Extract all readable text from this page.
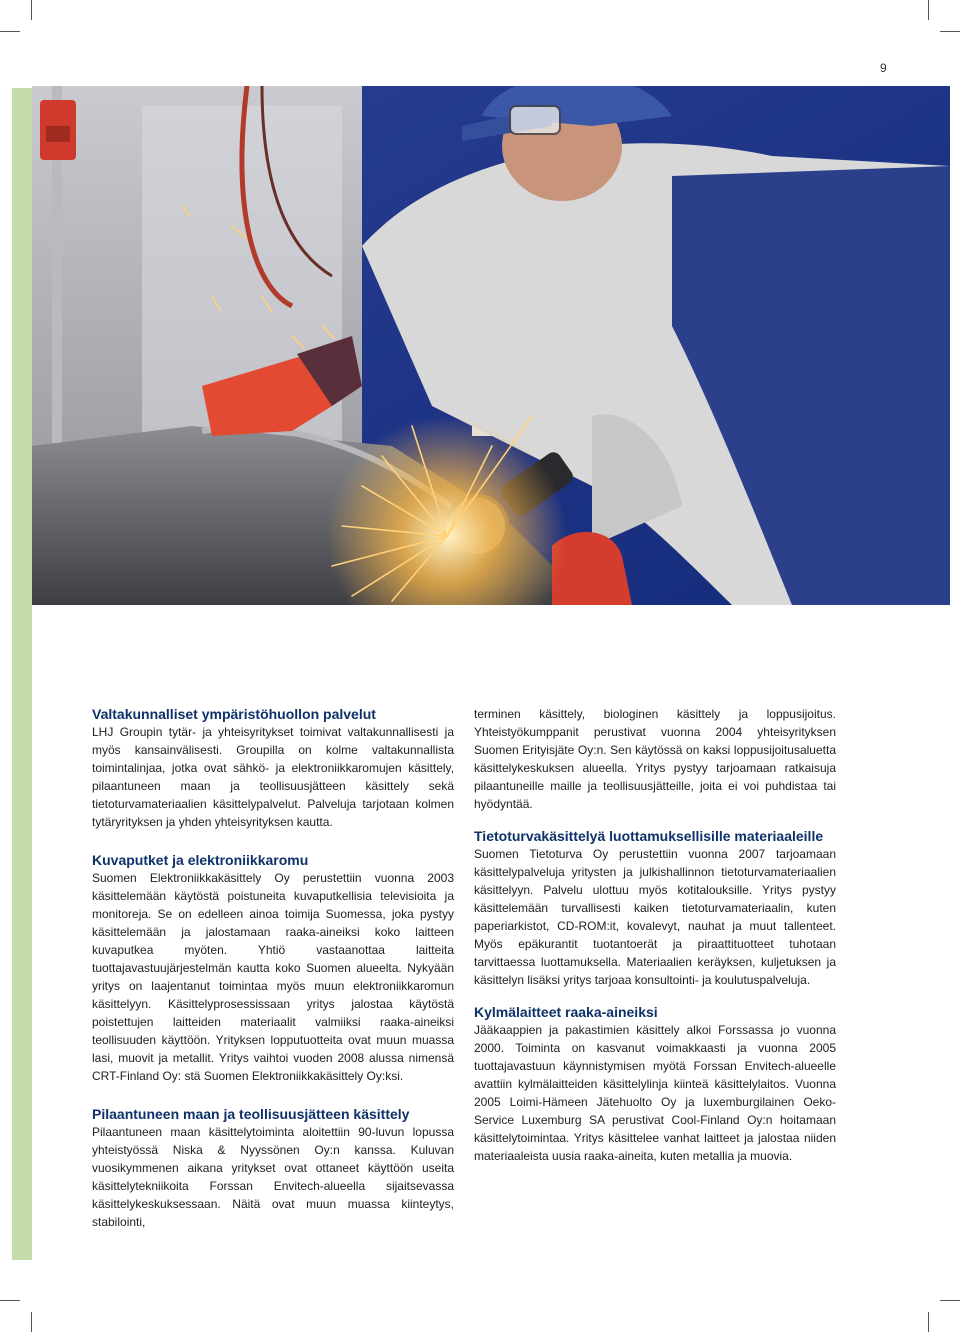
9
Valtakunnalliset ympäristöhuollon palvelut

LHJ Groupin tytär- ja yhteisyritykset toimivat valtakunnallisesti ja myös kansainvälisesti. Groupilla on kolme valtakunnallista toimintalinjaa, jotka ovat sähkö- ja elektroniikkaromujen käsittely, pilaantuneen maan ja teollisuusjätteen käsittely sekä tietoturvamateriaalien käsittelypalvelut. Palveluja tarjotaan kolmen tytäryrityksen ja yhden yhteisyrityksen kautta.

Kuvaputket ja elektroniikkaromu

Suomen Elektroniikkakäsittely Oy perustettiin vuonna 2003 käsittelemään käytöstä poistuneita kuvaputkellisia televisioita ja monitoreja. Se on edelleen ainoa toimija Suomessa, joka pystyy käsittelemään ja jalostamaan raaka-aineiksi koko laitteen kuvaputkea myöten. Yhtiö vastaanottaa laitteita tuottajavastuujärjestelmän kautta koko Suomen alueelta. Nykyään yritys on laajentanut toimintaa myös muun elektroniikkaromun käsittelyyn. Käsittelyprosessissaan yritys jalostaa käytöstä poistettujen laitteiden materiaalit valmiiksi raaka-aineiksi teollisuuden käyttöön. Yrityksen lopputuotteita ovat muun muassa lasi, muovit ja metallit. Yritys vaihtoi vuoden 2008 alussa nimensä CRT-Finland Oy: stä Suomen Elektroniikkakäsittely Oy:ksi.

Pilaantuneen maan ja teollisuusjätteen käsittely

Pilaantuneen maan käsittelytoiminta aloitettiin 90-luvun lopussa yhteistyössä Niska & Nyyssönen Oy:n kanssa. Kuluvan vuosikymmenen aikana yritykset ovat ottaneet käyttöön useita käsittelytekniikoita Forssan Envitech-alueella sijaitsevassa käsittelykeskuksessaan. Näitä ovat muun muassa kiinteytys, stabilointi,

terminen käsittely, biologinen käsittely ja loppusijoitus. Yhteistyökumppanit perustivat vuonna 2004 yhteisyrityksen Suomen Erityisjäte Oy:n. Sen käytössä on kaksi loppusijoitusaluetta käsittelykeskuksen alueella. Yritys pystyy tarjoamaan ratkaisuja pilaantuneille maille ja teollisuusjätteille, joita ei voi puhdistaa tai hyödyntää.

Tietoturvakäsittelyä luottamuksellisille materiaaleille

Suomen Tietoturva Oy perustettiin vuonna 2007 tarjoamaan käsittelypalveluja yritysten ja julkishallinnon tietoturvamateriaalien käsittelyyn. Palvelu ulottuu myös kotitalouksille. Yritys pystyy käsittelemään turvallisesti kaiken tietoturvamateriaalin, kuten paperiarkistot, CD-ROM:it, kovalevyt, nauhat ja muut tallenteet. Myös epäkurantit tuotantoerät ja piraattituotteet tuhotaan tarvittaessa luottamuksella. Materiaalien keräyksen, kuljetuksen ja käsittelyn lisäksi yritys tarjoaa konsultointi- ja koulutuspalveluja.

Kylmälaitteet raaka-aineiksi

Jääkaappien ja pakastimien käsittely alkoi Forssassa jo vuonna 2000. Toiminta on kasvanut voimakkaasti ja vuonna 2005 tuottajavastuun käynnistymisen myötä Forssan Envitech-alueelle avattiin kylmälaitteiden käsittelylinja kiinteä käsittelylaitos. Vuonna 2005 Loimi-Hämeen Jätehuolto Oy ja luxemburgilainen Oeko-Service Luxemburg SA perustivat Cool-Finland Oy:n hoitamaan käsittelytoimintaa. Yritys käsittelee vanhat laitteet ja jalostaa niiden materiaaleista uusia raaka-aineita, kuten metallia ja muovia.
